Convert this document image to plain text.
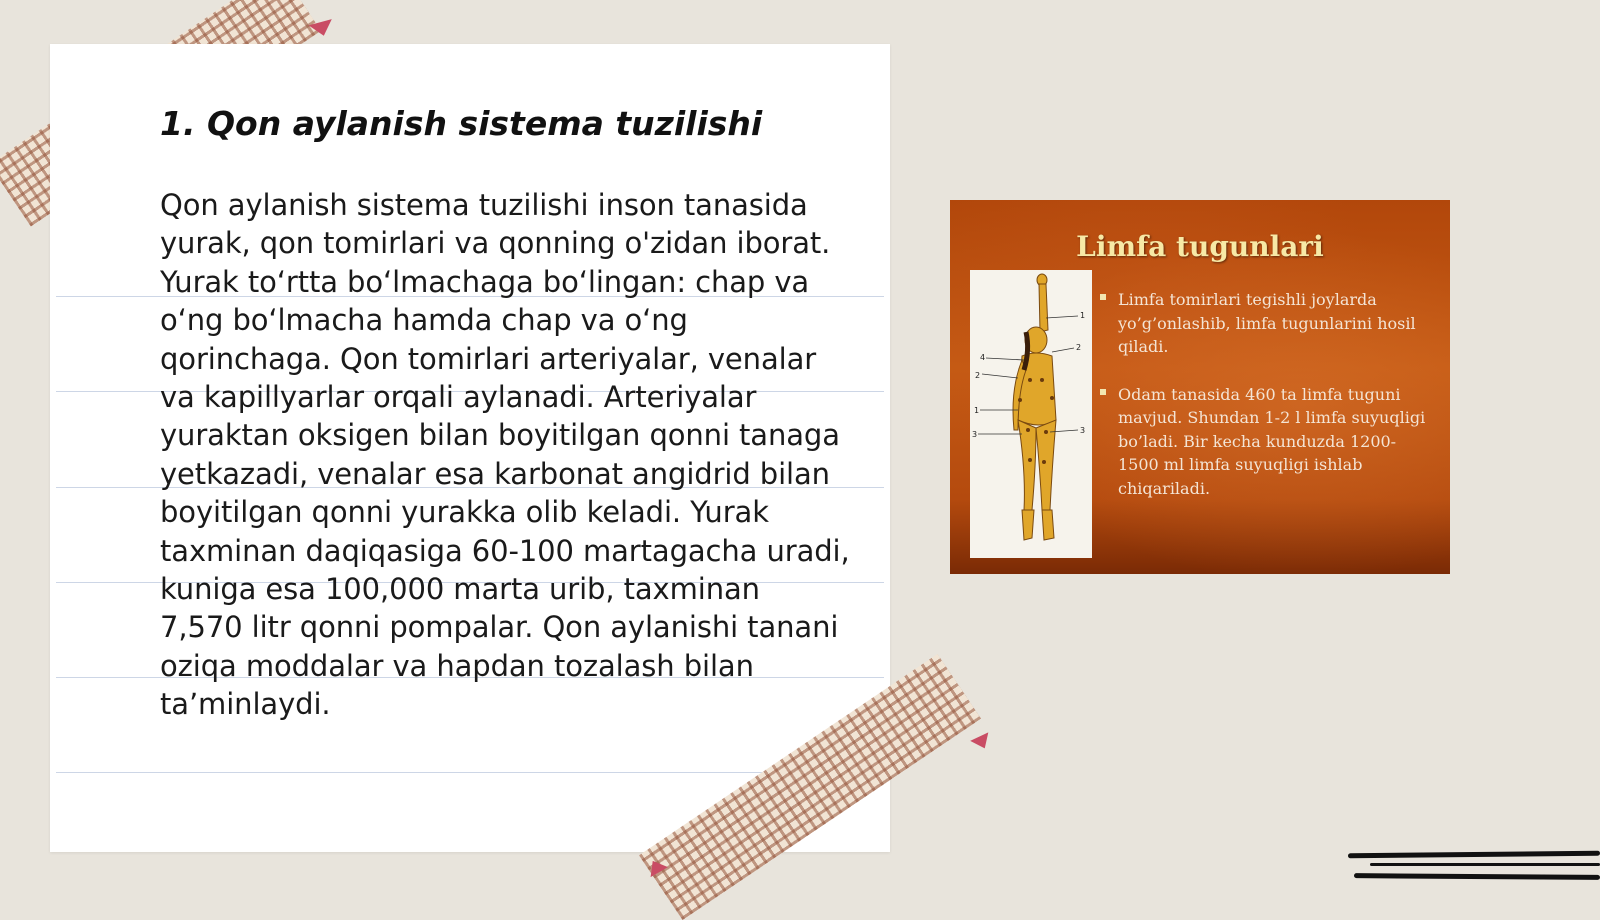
1. Qon aylanish sistema tuzilishi

Qon aylanish sistema tuzilishi inson tanasida yurak, qon tomirlari va qonning o'zidan iborat. Yurak to‘rtta bo‘lmachaga bo‘lingan: chap va o‘ng bo‘lmacha hamda chap va o‘ng qorinchaga. Qon tomirlari arteriyalar, venalar va kapillyarlar orqali aylanadi. Arteriyalar yuraktan oksigen bilan boyitilgan qonni tanaga yetkazadi, venalar esa karbonat angidrid bilan boyitilgan qonni yurakka olib keladi. Yurak taxminan daqiqasiga 60-100 martagacha uradi, kuniga esa 100,000 marta urib, taxminan 7,570 litr qonni pompalar. Qon aylanishi tanani oziqa moddalar va hapdan tozalash bilan ta’minlaydi.

Limfa tugunlari
1
2
3
4
2
1
3
Limfa tomirlari tegishli joylarda yo’g’onlashib, limfa tugunlarini hosil qiladi.
Odam tanasida 460 ta limfa tuguni mavjud. Shundan 1-2 l limfa suyuqligi bo’ladi. Bir kecha kunduzda 1200-1500 ml limfa suyuqligi ishlab chiqariladi.
